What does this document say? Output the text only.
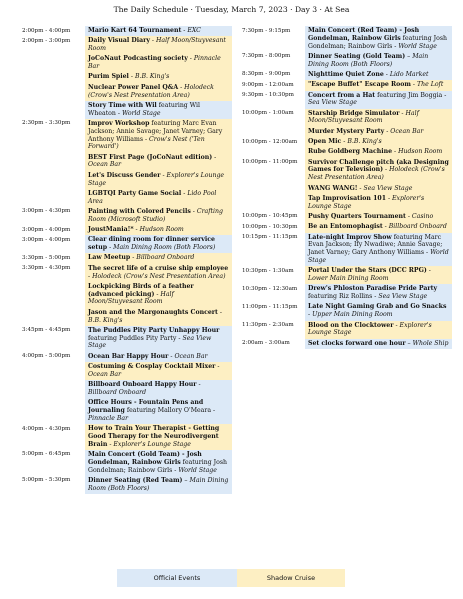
The Daily Schedule · Tuesday, March 7, 2023 · Day 3 · At Sea
2:00pm - 4:00pm	Mario Kart 64 Tournament - EXC
2:00pm - 3:00pm	Daily Visual Diary - Half Moon/Stuyvesant Room
JoCoNaut Podcasting society - Pinnacle Bar
Purim Spiel - B.B. King's
Nuclear Power Panel Q&A - Holodeck (Crow's Nest Presentation Area)
Story Time with Wil featuring Wil Wheaton - World Stage
2:30pm - 3:30pm	Improv Workshop featuring Marc Evan Jackson; Annie Savage; Janet Varney; Gary Anthony Williams - Crow's Nest ('Ten Forward')
BEST First Page (JoCoNaut edition) - Ocean Bar
Let's Discuss Gender - Explorer's Lounge Stage
LGBTQI Party Game Social - Lido Pool Area
3:00pm - 4:30pm	Painting with Colored Pencils - Crafting Room (Microsoft Studio)
3:00pm - 4:00pm	JoustMania!* - Hudson Room
3:00pm - 4:00pm	Clear dining room for dinner service setup - Main Dining Room (Both Floors)
3:30pm - 5:00pm	Law Meetup - Billboard Onboard
3:30pm - 4:30pm	The secret life of a cruise ship employee - Holodeck (Crow's Nest Presentation Area)
Lockpicking Birds of a feather (advanced picking) - Half Moon/Stuyvesant Room
Jason and the Margonaughts Concert - B.B. King's
3:45pm - 4:45pm	The Puddles Pity Party Unhappy Hour featuring Puddles Pity Party - Sea View Stage
4:00pm - 5:00pm	Ocean Bar Happy Hour - Ocean Bar
Costuming & Cosplay Cocktail Mixer - Ocean Bar
Billboard Onboard Happy Hour - Billboard Onboard
Office Hours - Fountain Pens and Journaling featuring Mallory O'Meara - Pinnacle Bar
4:00pm - 4:30pm	How to Train Your Therapist - Getting Good Therapy for the Neurodivergent Brain - Explorer's Lounge Stage
5:00pm - 6:45pm	Main Concert (Gold Team) - Josh Gondelman, Rainbow Girls featuring Josh Gondelman; Rainbow Girls - World Stage
5:00pm - 5:30pm	Dinner Seating (Red Team) – Main Dining Room (Both Floors)
7:30pm - 9:15pm	Main Concert (Red Team) - Josh Gondelman, Rainbow Girls featuring Josh Gondelman; Rainbow Girls - World Stage
7:30pm - 8:00pm	Dinner Seating (Gold Team) – Main Dining Room (Both Floors)
8:30pm - 9:00pm	Nighttime Quiet Zone - Lido Market
9:00pm - 12:00am	"Escape Buffet" Escape Room - The Loft
9:30pm - 10:30pm	Concert from a Hat featuring Jim Boggia - Sea View Stage
10:00pm - 1:00am	Starship Bridge Simulator - Half Moon/Stuyvesant Room
Murder Mystery Party - Ocean Bar
10:00pm - 12:00am	Open Mic - B.B. King's
Rube Goldberg Machine - Hudson Room
10:00pm - 11:00pm	Survivor Challenge pitch (aka Designing Games for Television) - Holodeck (Crow's Nest Presentation Area)
WANG WANG! - Sea View Stage
Tap Improvisation 101 - Explorer's Lounge Stage
10:00pm - 10:45pm	Pushy Quarters Tournament - Casino
10:00pm - 10:30pm	Be an Entomophagist - Billboard Onboard
10:15pm - 11:15pm	Late-night Improv Show featuring Marc Evan Jackson; Ify Nwadiwe; Annie Savage; Janet Varney; Gary Anthony Williams - World Stage
10:30pm - 1:30am	Portal Under the Stars (DCC RPG) - Lower Main Dining Room
10:30pm - 12:30am	Drew's Phloston Paradise Pride Party featuring Riz Rollins - Sea View Stage
11:00pm - 11:15pm	Late Night Gaming Grab and Go Snacks - Upper Main Dining Room
11:30pm - 2:30am	Blood on the Clocktower - Explorer's Lounge Stage
2:00am - 3:00am	Set clocks forward one hour – Whole Ship
Official Events	Shadow Cruise
